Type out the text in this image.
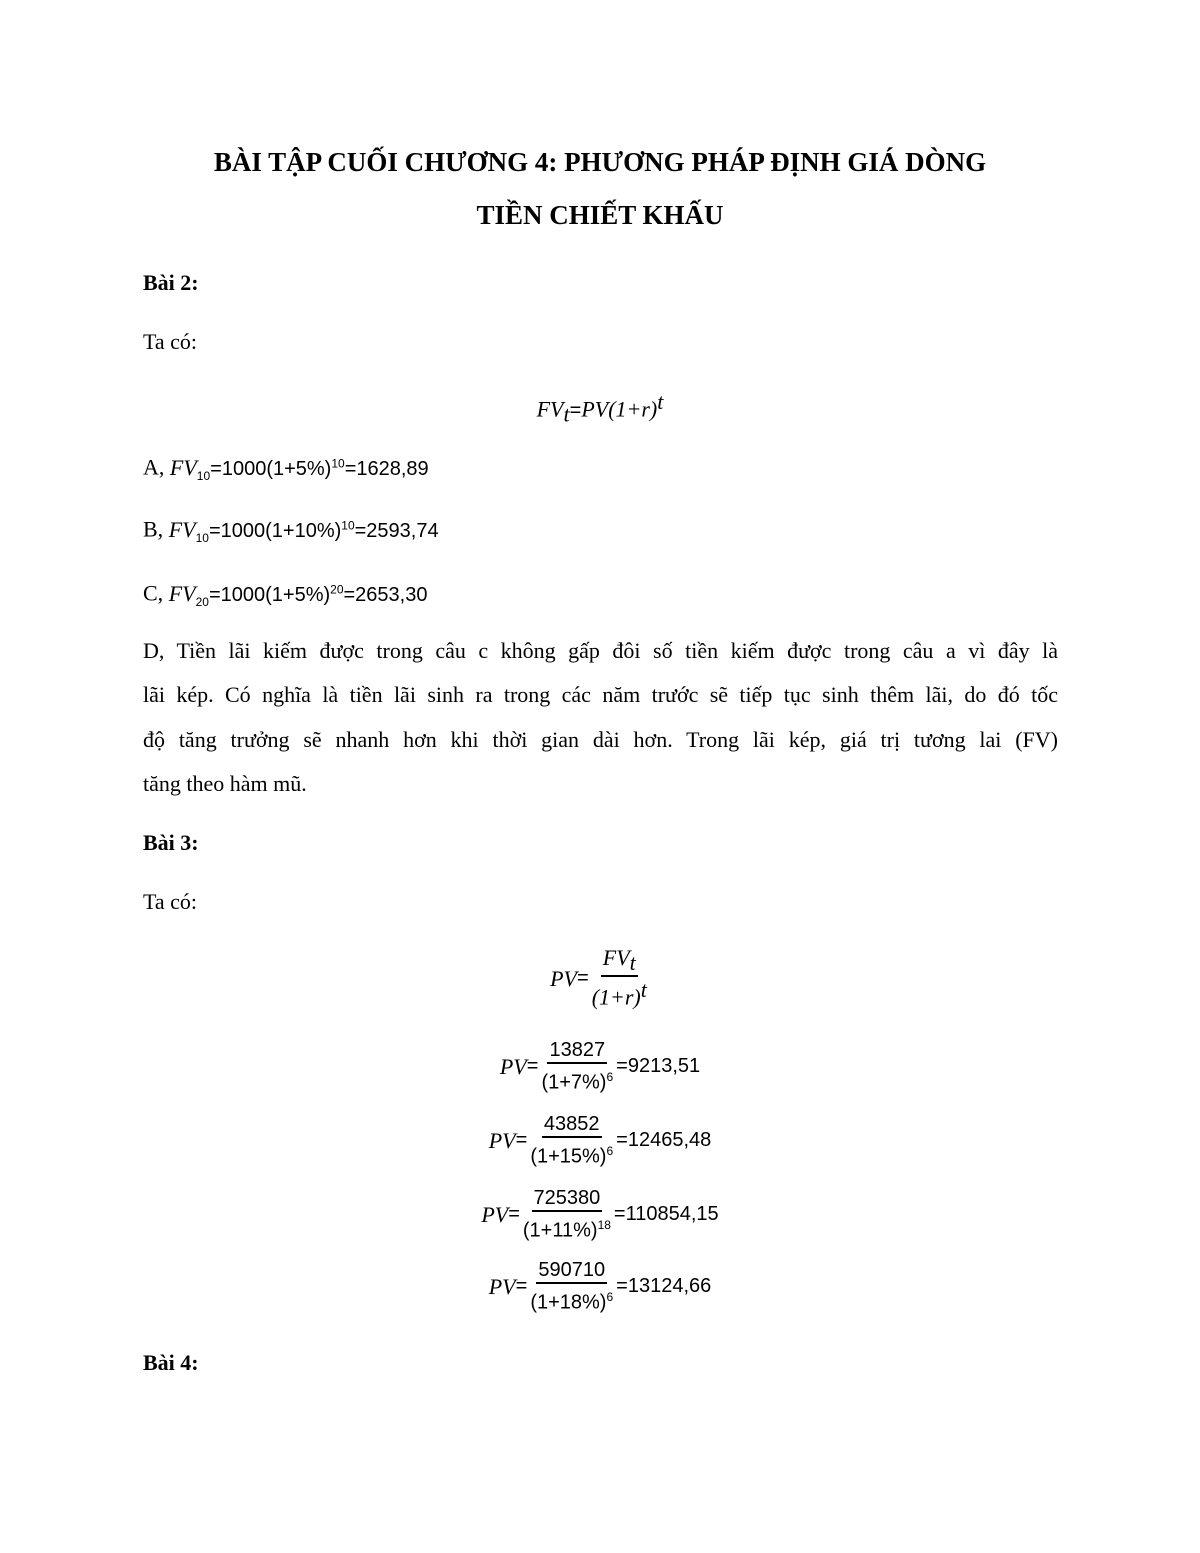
BÀI TẬP CUỐI CHƯƠNG 4: PHƯƠNG PHÁP ĐỊNH GIÁ DÒNG
TIỀN CHIẾT KHẤU
Bài 2:
Ta có:
$FV_t=PV(1+r)^t$
A, $FV_{10}=1000(1+5\%)^{10}=1628,89$
B, $FV_{10}=1000(1+10\%)^{10}=2593,74$
C, $FV_{20}=1000(1+5\%)^{20}=2653,30$
D, Tiền lãi kiếm được trong câu c không gấp đôi số tiền kiếm được trong câu a vì đây là
lãi kép. Có nghĩa là tiền lãi sinh ra trong các năm trước sẽ tiếp tục sinh thêm lãi, do đó tốc
độ tăng trưởng sẽ nhanh hơn khi thời gian dài hơn. Trong lãi kép, giá trị tương lai (FV)
tăng theo hàm mũ.
Bài 3:
Ta có:
PV = $\frac{FV_t}{(1+r)^t}$
PV = $\frac{13827}{(1+7\%)^6} =9213,51$
PV = $\frac{43852}{(1+15\%)^6} =12465,48$
PV = $\frac{725380}{(1+11\%)^{18}} =110854,15$
PV = $\frac{590710}{(1+18\%)^6} =13124,66$
Bài 4:
